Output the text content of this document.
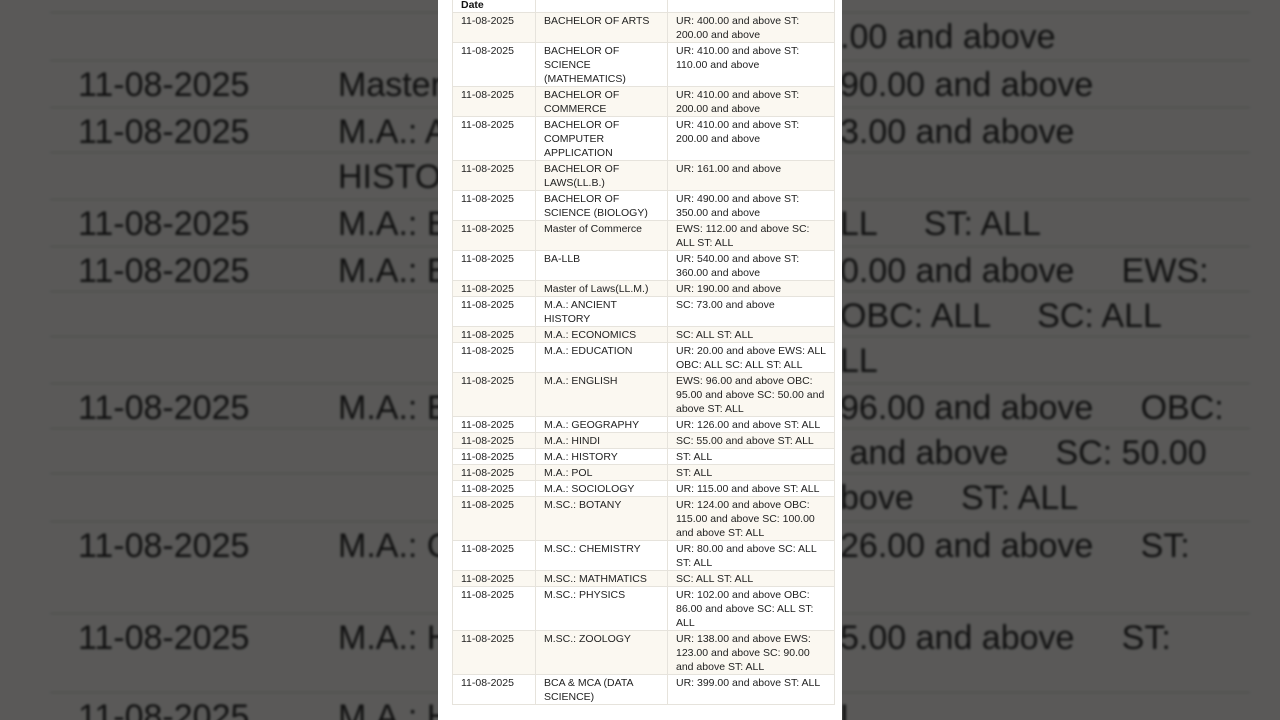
Date		
11-08-2025	BACHELOR OF ARTS	UR: 400.00 and above ST: 200.00 and above
11-08-2025	BACHELOR OF SCIENCE (MATHEMATICS)	UR: 410.00 and above ST: 110.00 and above
11-08-2025	BACHELOR OF COMMERCE	UR: 410.00 and above ST: 200.00 and above
11-08-2025	BACHELOR OF COMPUTER APPLICATION	UR: 410.00 and above ST: 200.00 and above
11-08-2025	BACHELOR OF LAWS(LL.B.)	UR: 161.00 and above
11-08-2025	BACHELOR OF SCIENCE (BIOLOGY)	UR: 490.00 and above ST: 350.00 and above
11-08-2025	Master of Commerce	EWS: 112.00 and above SC: ALL ST: ALL
11-08-2025	BA-LLB	UR: 540.00 and above ST: 360.00 and above
11-08-2025	Master of Laws(LL.M.)	UR: 190.00 and above
11-08-2025	M.A.: ANCIENT HISTORY	SC: 73.00 and above
11-08-2025	M.A.: ECONOMICS	SC: ALL ST: ALL
11-08-2025	M.A.: EDUCATION	UR: 20.00 and above EWS: ALL OBC: ALL SC: ALL ST: ALL
11-08-2025	M.A.: ENGLISH	EWS: 96.00 and above OBC: 95.00 and above SC: 50.00 and above ST: ALL
11-08-2025	M.A.: GEOGRAPHY	UR: 126.00 and above ST: ALL
11-08-2025	M.A.: HINDI	SC: 55.00 and above ST: ALL
11-08-2025	M.A.: HISTORY	ST: ALL
11-08-2025	M.A.: POL	ST: ALL
11-08-2025	M.A.: SOCIOLOGY	UR: 115.00 and above ST: ALL
11-08-2025	M.SC.: BOTANY	UR: 124.00 and above OBC: 115.00 and above SC: 100.00 and above ST: ALL
11-08-2025	M.SC.: CHEMISTRY	UR: 80.00 and above SC: ALL ST: ALL
11-08-2025	M.SC.: MATHMATICS	SC: ALL ST: ALL
11-08-2025	M.SC.: PHYSICS	UR: 102.00 and above OBC: 86.00 and above SC: ALL ST: ALL
11-08-2025	M.SC.: ZOOLOGY	UR: 138.00 and above EWS: 123.00 and above SC: 90.00 and above ST: ALL
11-08-2025	BCA & MCA (DATA SCIENCE)	UR: 399.00 and above ST: ALL
